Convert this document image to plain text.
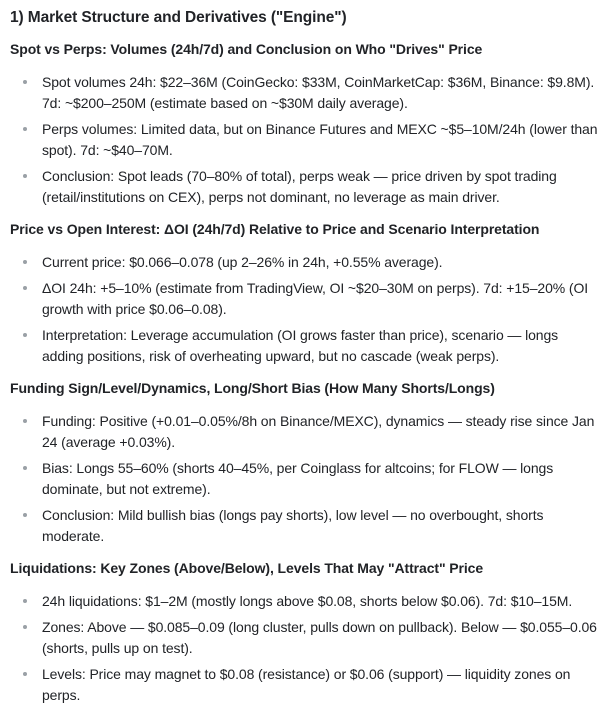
1) Market Structure and Derivatives ("Engine")
Spot vs Perps: Volumes (24h/7d) and Conclusion on Who "Drives" Price
Spot volumes 24h: $22–36M (CoinGecko: $33M, CoinMarketCap: $36M, Binance: $9.8M). 7d: ~$200–250M (estimate based on ~$30M daily average).
Perps volumes: Limited data, but on Binance Futures and MEXC ~$5–10M/24h (lower than spot). 7d: ~$40–70M.
Conclusion: Spot leads (70–80% of total), perps weak — price driven by spot trading (retail/institutions on CEX), perps not dominant, no leverage as main driver.
Price vs Open Interest: ΔOI (24h/7d) Relative to Price and Scenario Interpretation
Current price: $0.066–0.078 (up 2–26% in 24h, +0.55% average).
ΔOI 24h: +5–10% (estimate from TradingView, OI ~$20–30M on perps). 7d: +15–20% (OI growth with price $0.06–0.08).
Interpretation: Leverage accumulation (OI grows faster than price), scenario — longs adding positions, risk of overheating upward, but no cascade (weak perps).
Funding Sign/Level/Dynamics, Long/Short Bias (How Many Shorts/Longs)
Funding: Positive (+0.01–0.05%/8h on Binance/MEXC), dynamics — steady rise since Jan 24 (average +0.03%).
Bias: Longs 55–60% (shorts 40–45%, per Coinglass for altcoins; for FLOW — longs dominate, but not extreme).
Conclusion: Mild bullish bias (longs pay shorts), low level — no overbought, shorts moderate.
Liquidations: Key Zones (Above/Below), Levels That May "Attract" Price
24h liquidations: $1–2M (mostly longs above $0.08, shorts below $0.06). 7d: $10–15M.
Zones: Above — $0.085–0.09 (long cluster, pulls down on pullback). Below — $0.055–0.06 (shorts, pulls up on test).
Levels: Price may magnet to $0.08 (resistance) or $0.06 (support) — liquidity zones on perps.
